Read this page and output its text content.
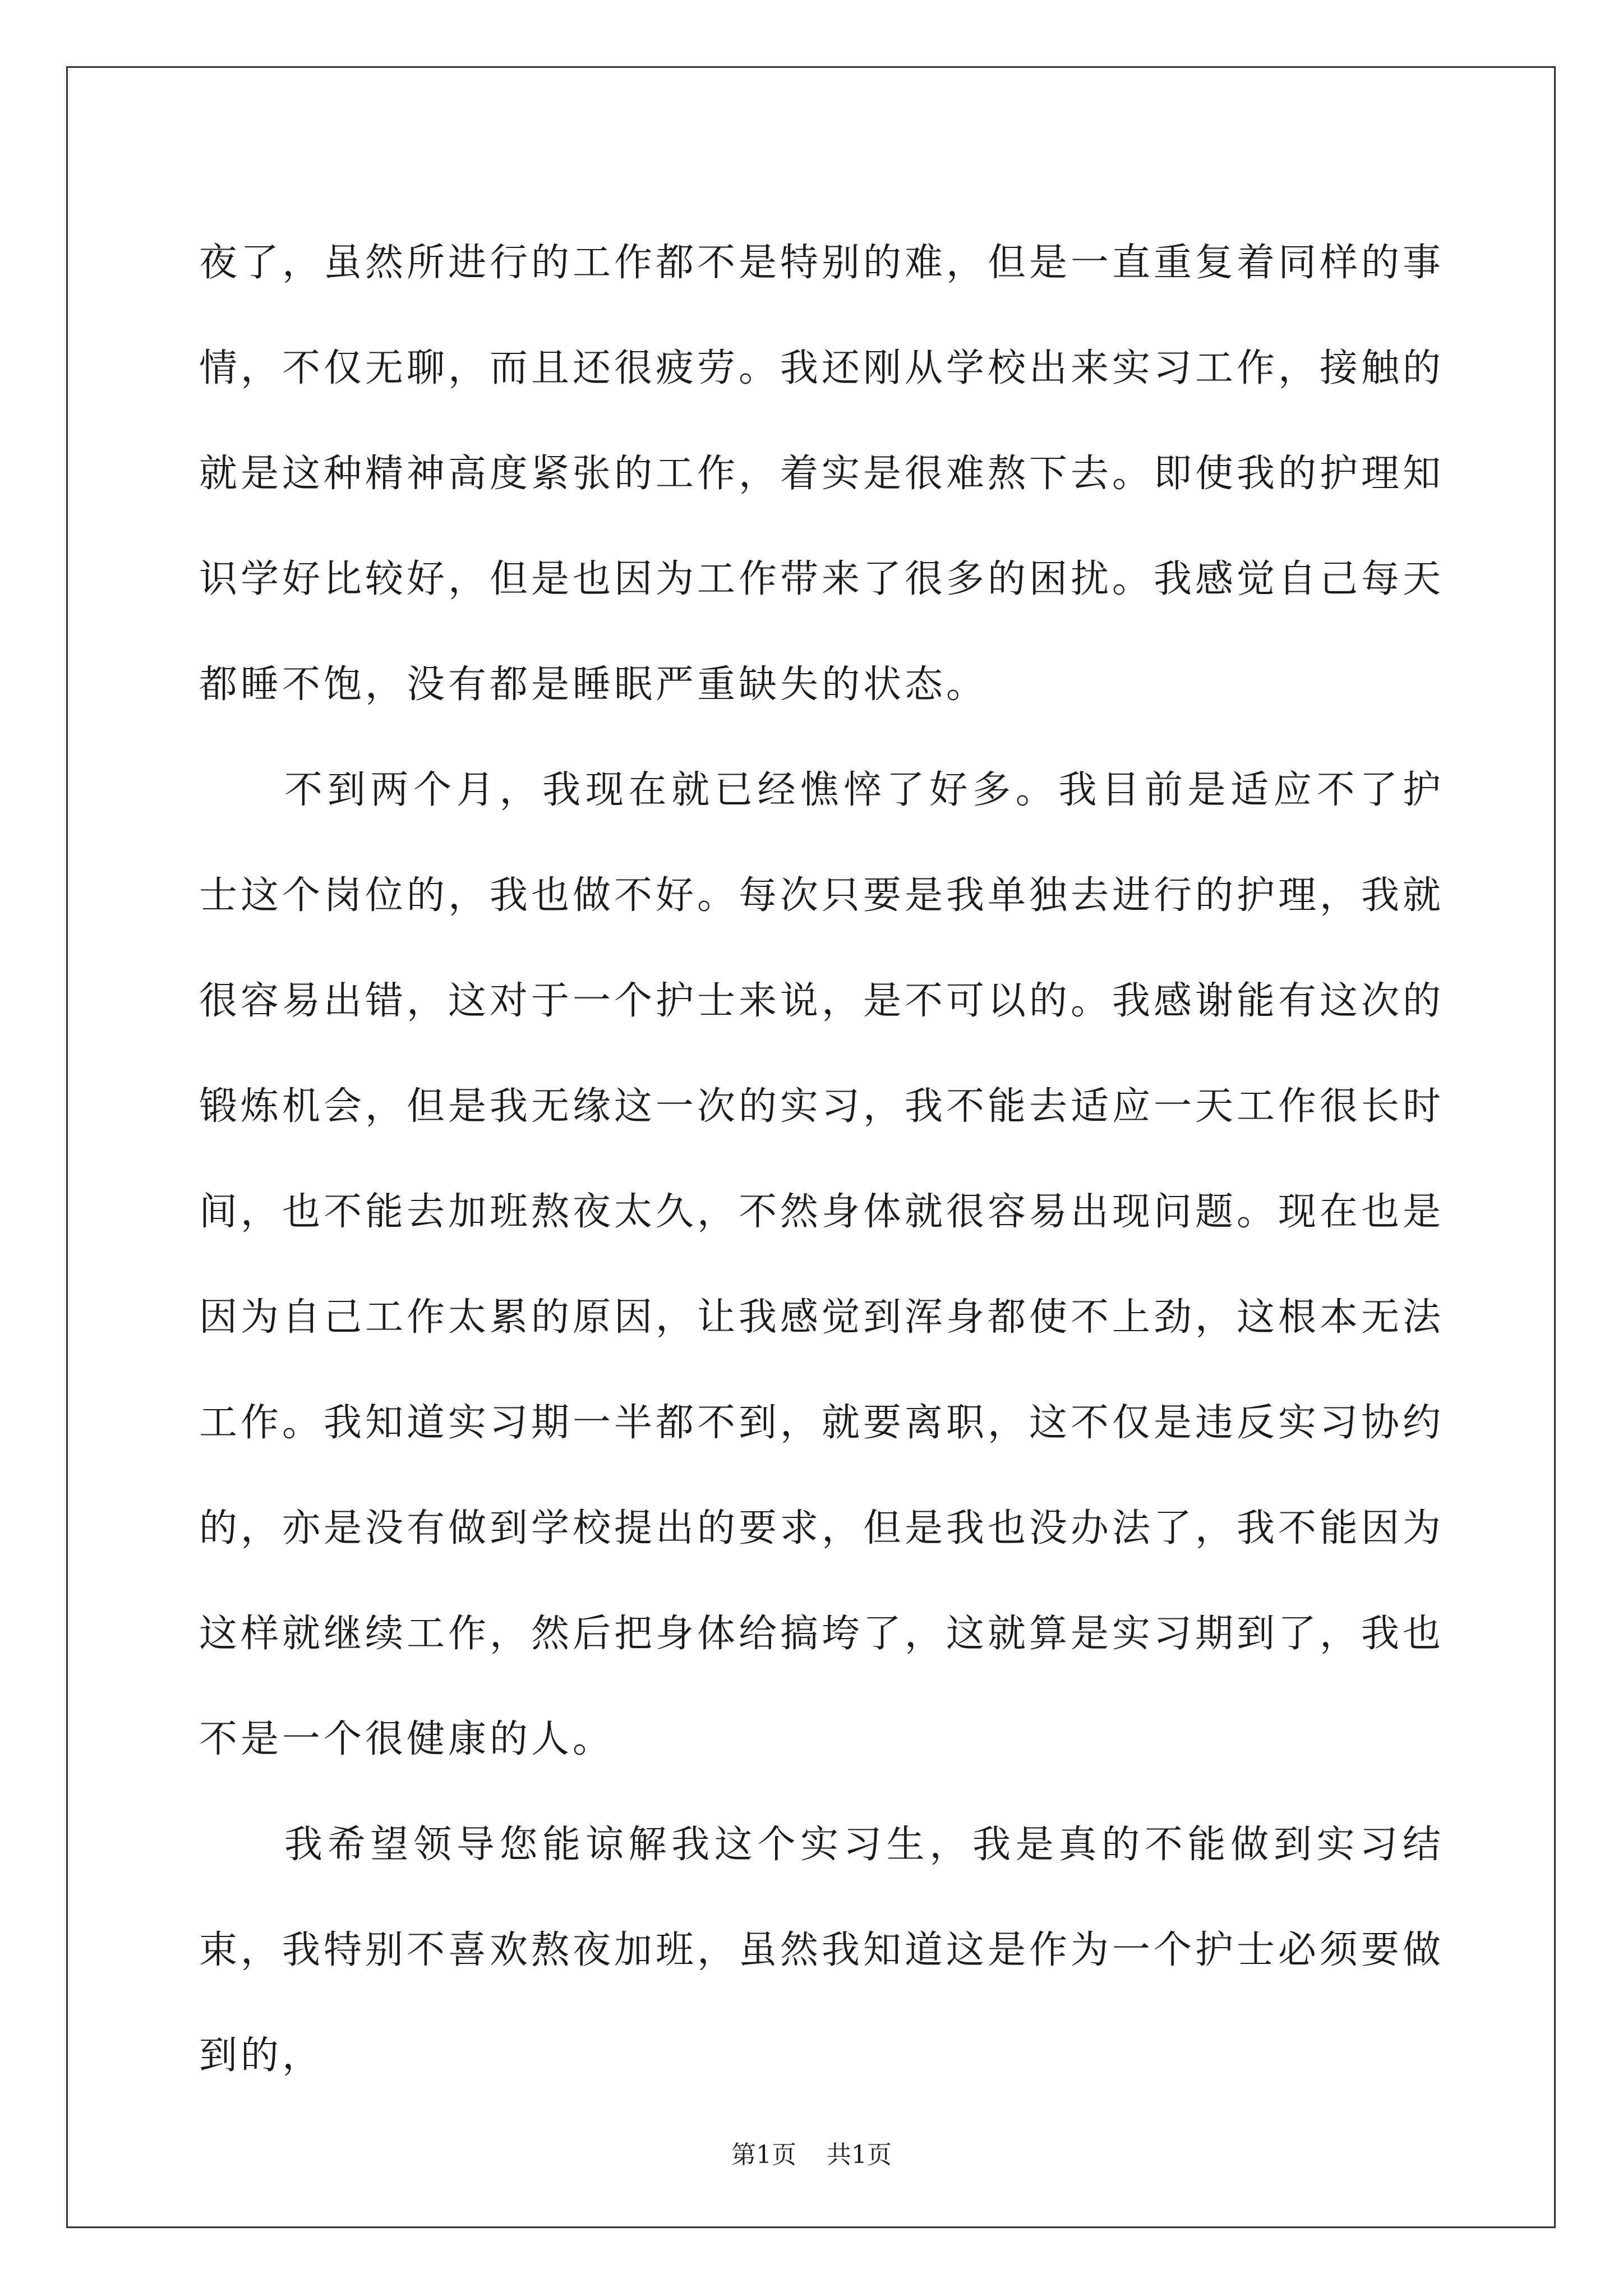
夜了，虽然所进行的工作都不是特别的难，但是一直重复着同样的事情，不仅无聊，而且还很疲劳。我还刚从学校出来实习工作，接触的就是这种精神高度紧张的工作，着实是很难熬下去。即使我的护理知识学好比较好，但是也因为工作带来了很多的困扰。我感觉自己每天都睡不饱，没有都是睡眠严重缺失的状态。

不到两个月，我现在就已经憔悴了好多。我目前是适应不了护士这个岗位的，我也做不好。每次只要是我单独去进行的护理，我就很容易出错，这对于一个护士来说，是不可以的。我感谢能有这次的锻炼机会，但是我无缘这一次的实习，我不能去适应一天工作很长时间，也不能去加班熬夜太久，不然身体就很容易出现问题。现在也是因为自己工作太累的原因，让我感觉到浑身都使不上劲，这根本无法工作。我知道实习期一半都不到，就要离职，这不仅是违反实习协约的，亦是没有做到学校提出的要求，但是我也没办法了，我不能因为这样就继续工作，然后把身体给搞垮了，这就算是实习期到了，我也不是一个很健康的人。

我希望领导您能谅解我这个实习生，我是真的不能做到实习结束，我特别不喜欢熬夜加班，虽然我知道这是作为一个护士必须要做到的，

第1页 共1页
